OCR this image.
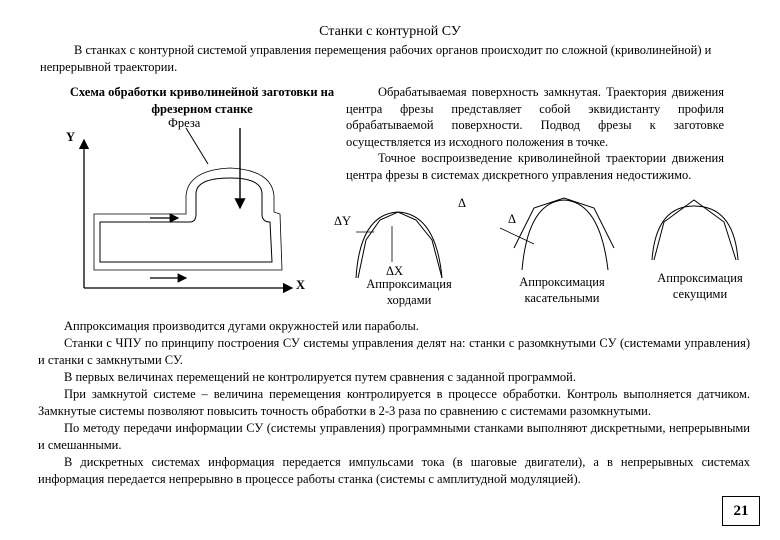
Станки с контурной СУ
В станках с контурной системой управления перемещения рабочих органов происходит по сложной (криволинейной) и непрерывной траектории.
Схема обработки криволинейной заготовки на фрезерном станке
Фреза
Y
X

Обрабатываемая поверхность замкнутая. Траектория движения центра фрезы представляет собой эквидистанту профиля обрабатываемой поверхности. Подвод фрезы к заготовке осуществляется из исходного положения в точке.

Точное воспроизведение криволинейной траектории движения центра фрезы в системах дискретного управления недостижимо.

Δ
Δ
ΔY
ΔX
Аппроксимация хордами
Аппроксимация касательными
Аппроксимация секущими

Аппроксимация производится дугами окружностей или параболы.

Станки с ЧПУ по принципу построения СУ системы управления делят на: станки с разомкнутыми СУ (системами управления) и станки с замкнутыми СУ.

В первых величинах перемещений не контролируется путем сравнения с заданной программой.

При замкнутой системе – величина перемещения контролируется в процессе обработки. Контроль выполняется датчиком. Замкнутые системы позволяют повысить точность обработки в 2-3 раза по сравнению с системами разомкнутыми.

По методу передачи информации СУ (системы управления) программными станками выполняют дискретными, непрерывными и смешанными.

В дискретных системах информация передается импульсами тока (в шаговые двигатели), а в непрерывных системах информация передается непрерывно в процессе работы станка (системы с амплитудной модуляцией).

21
